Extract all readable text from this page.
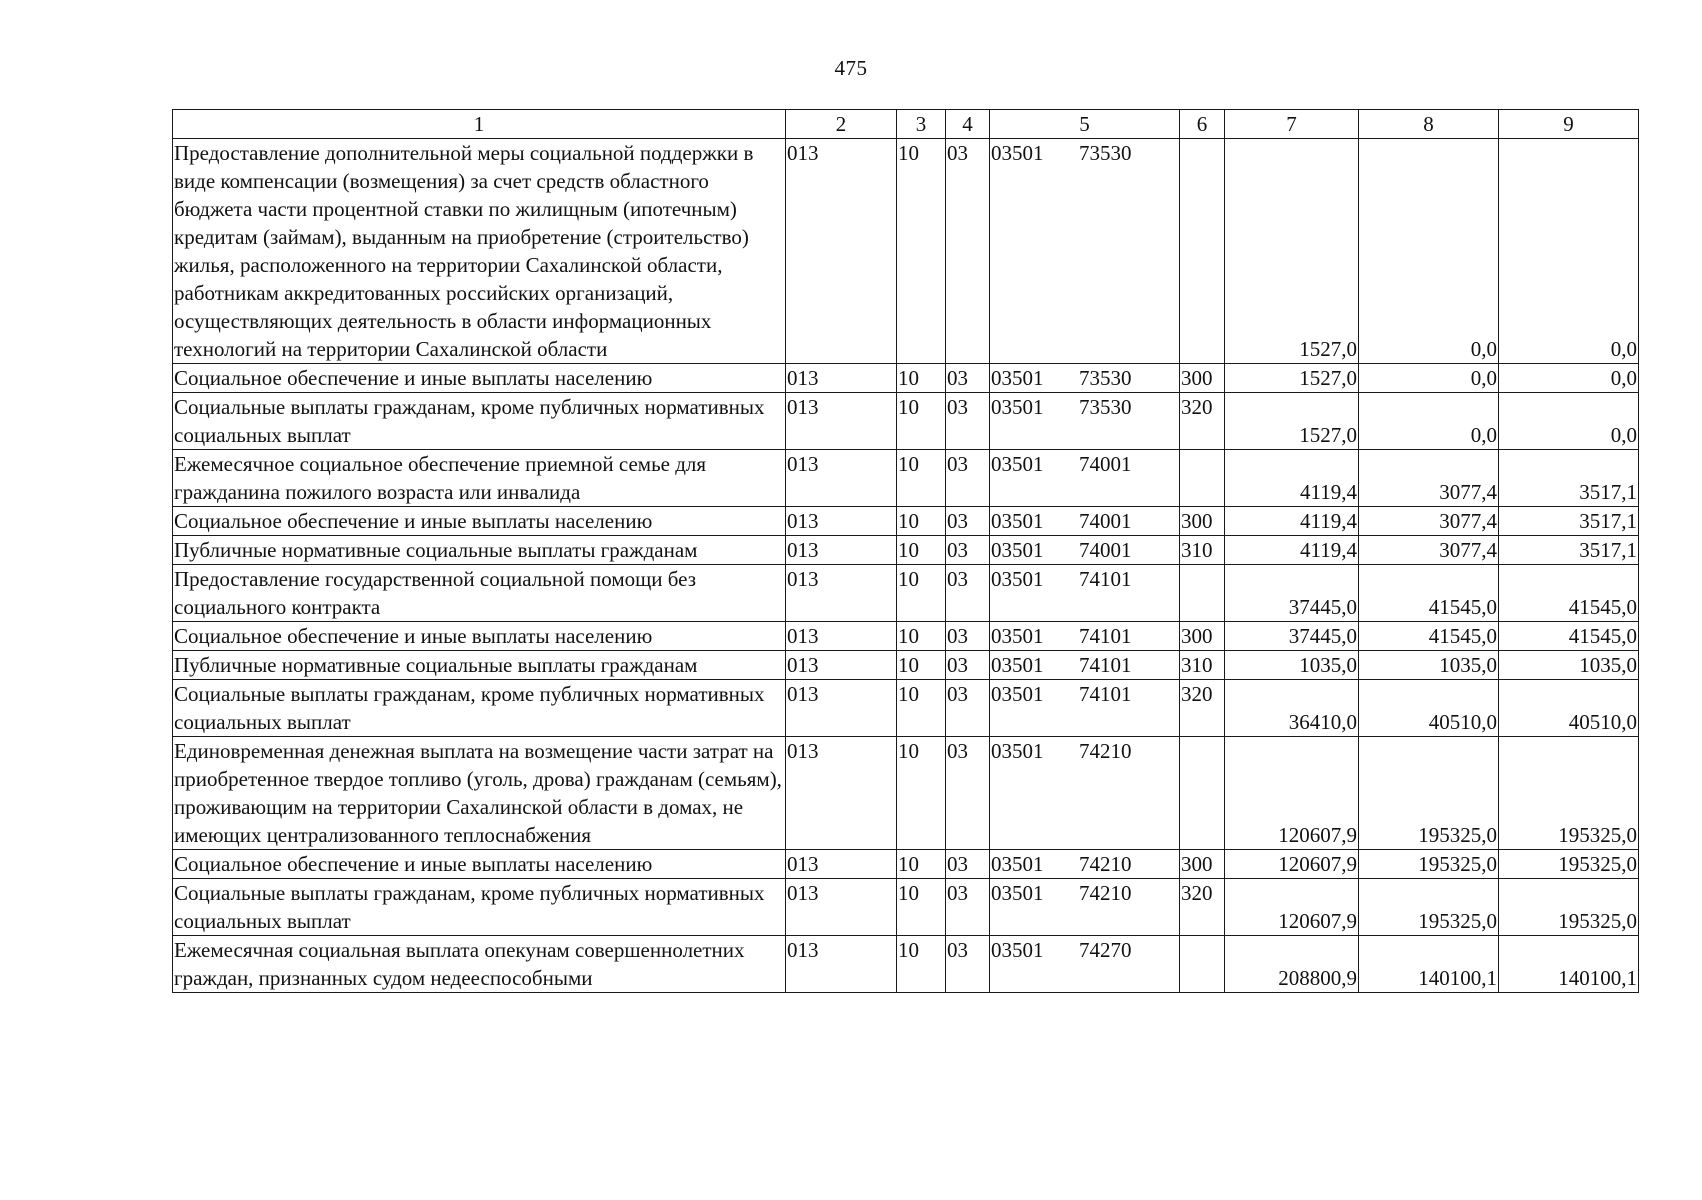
475
1	2	3	4	5	6	7	8	9
Предоставление дополнительной меры социальной поддержки в виде компенсации (возмещения) за счет средств областного бюджета части процентной ставки по жилищным (ипотечным) кредитам (займам), выданным на приобретение (строительство) жилья, расположенного на территории Сахалинской области, работникам аккредитованных российских организаций, осуществляющих деятельность в области информационных технологий на территории Сахалинской области	013	10	03	03501 73530		1527,0	0,0	0,0
Социальное обеспечение и иные выплаты населению	013	10	03	03501 73530	300	1527,0	0,0	0,0
Социальные выплаты гражданам, кроме публичных нормативных социальных выплат	013	10	03	03501 73530	320	1527,0	0,0	0,0
Ежемесячное социальное обеспечение приемной семье для гражданина пожилого возраста или инвалида	013	10	03	03501 74001		4119,4	3077,4	3517,1
Социальное обеспечение и иные выплаты населению	013	10	03	03501 74001	300	4119,4	3077,4	3517,1
Публичные нормативные социальные выплаты гражданам	013	10	03	03501 74001	310	4119,4	3077,4	3517,1
Предоставление государственной социальной помощи без социального контракта	013	10	03	03501 74101		37445,0	41545,0	41545,0
Социальное обеспечение и иные выплаты населению	013	10	03	03501 74101	300	37445,0	41545,0	41545,0
Публичные нормативные социальные выплаты гражданам	013	10	03	03501 74101	310	1035,0	1035,0	1035,0
Социальные выплаты гражданам, кроме публичных нормативных социальных выплат	013	10	03	03501 74101	320	36410,0	40510,0	40510,0
Единовременная денежная выплата на возмещение части затрат на приобретенное твердое топливо (уголь, дрова) гражданам (семьям), проживающим на территории Сахалинской области в домах, не имеющих централизованного теплоснабжения	013	10	03	03501 74210		120607,9	195325,0	195325,0
Социальное обеспечение и иные выплаты населению	013	10	03	03501 74210	300	120607,9	195325,0	195325,0
Социальные выплаты гражданам, кроме публичных нормативных социальных выплат	013	10	03	03501 74210	320	120607,9	195325,0	195325,0
Ежемесячная социальная выплата опекунам совершеннолетних граждан, признанных судом недееспособными	013	10	03	03501 74270		208800,9	140100,1	140100,1
